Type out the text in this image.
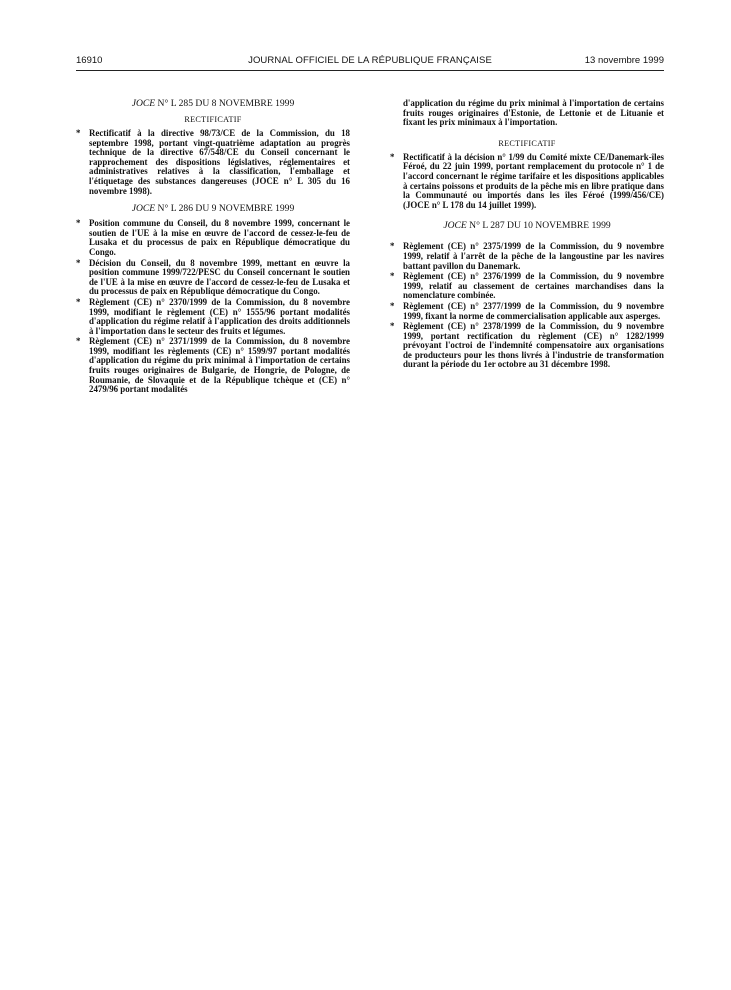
16910	JOURNAL OFFICIEL DE LA RÉPUBLIQUE FRANÇAISE	13 novembre 1999
JOCE N° L 285 DU 8 NOVEMBRE 1999
RECTIFICATIF
* Rectificatif à la directive 98/73/CE de la Commission, du 18 septembre 1998, portant vingt-quatrième adaptation au progrès technique de la directive 67/548/CE du Conseil concernant le rapprochement des dispositions législatives, réglementaires et administratives relatives à la classification, l'emballage et l'étiquetage des substances dangereuses (JOCE n° L 305 du 16 novembre 1998).
JOCE N° L 286 DU 9 NOVEMBRE 1999
* Position commune du Conseil, du 8 novembre 1999, concernant le soutien de l'UE à la mise en œuvre de l'accord de cessez-le-feu de Lusaka et du processus de paix en République démocratique du Congo.
* Décision du Conseil, du 8 novembre 1999, mettant en œuvre la position commune 1999/722/PESC du Conseil concernant le soutien de l'UE à la mise en œuvre de l'accord de cessez-le-feu de Lusaka et du processus de paix en République démocratique du Congo.
* Règlement (CE) n° 2370/1999 de la Commission, du 8 novembre 1999, modifiant le règlement (CE) n° 1555/96 portant modalités d'application du régime relatif à l'application des droits additionnels à l'importation dans le secteur des fruits et légumes.
* Règlement (CE) n° 2371/1999 de la Commission, du 8 novembre 1999, modifiant les règlements (CE) n° 1599/97 portant modalités d'application du régime du prix minimal à l'importation de certains fruits rouges originaires de Bulgarie, de Hongrie, de Pologne, de Roumanie, de Slovaquie et de la République tchèque et (CE) n° 2479/96 portant modalités
d'application du régime du prix minimal à l'importation de certains fruits rouges originaires d'Estonie, de Lettonie et de Lituanie et fixant les prix minimaux à l'importation.
RECTIFICATIF
* Rectificatif à la décision n° 1/99 du Comité mixte CE/Danemark-îles Féroé, du 22 juin 1999, portant remplacement du protocole n° 1 de l'accord concernant le régime tarifaire et les dispositions applicables à certains poissons et produits de la pêche mis en libre pratique dans la Communauté ou importés dans les îles Féroé (1999/456/CE) (JOCE n° L 178 du 14 juillet 1999).
JOCE N° L 287 DU 10 NOVEMBRE 1999
* Règlement (CE) n° 2375/1999 de la Commission, du 9 novembre 1999, relatif à l'arrêt de la pêche de la langoustine par les navires battant pavillon du Danemark.
* Règlement (CE) n° 2376/1999 de la Commission, du 9 novembre 1999, relatif au classement de certaines marchandises dans la nomenclature combinée.
* Règlement (CE) n° 2377/1999 de la Commission, du 9 novembre 1999, fixant la norme de commercialisation applicable aux asperges.
* Règlement (CE) n° 2378/1999 de la Commission, du 9 novembre 1999, portant rectification du règlement (CE) n° 1282/1999 prévoyant l'octroi de l'indemnité compensatoire aux organisations de producteurs pour les thons livrés à l'industrie de transformation durant la période du 1er octobre au 31 décembre 1998.
